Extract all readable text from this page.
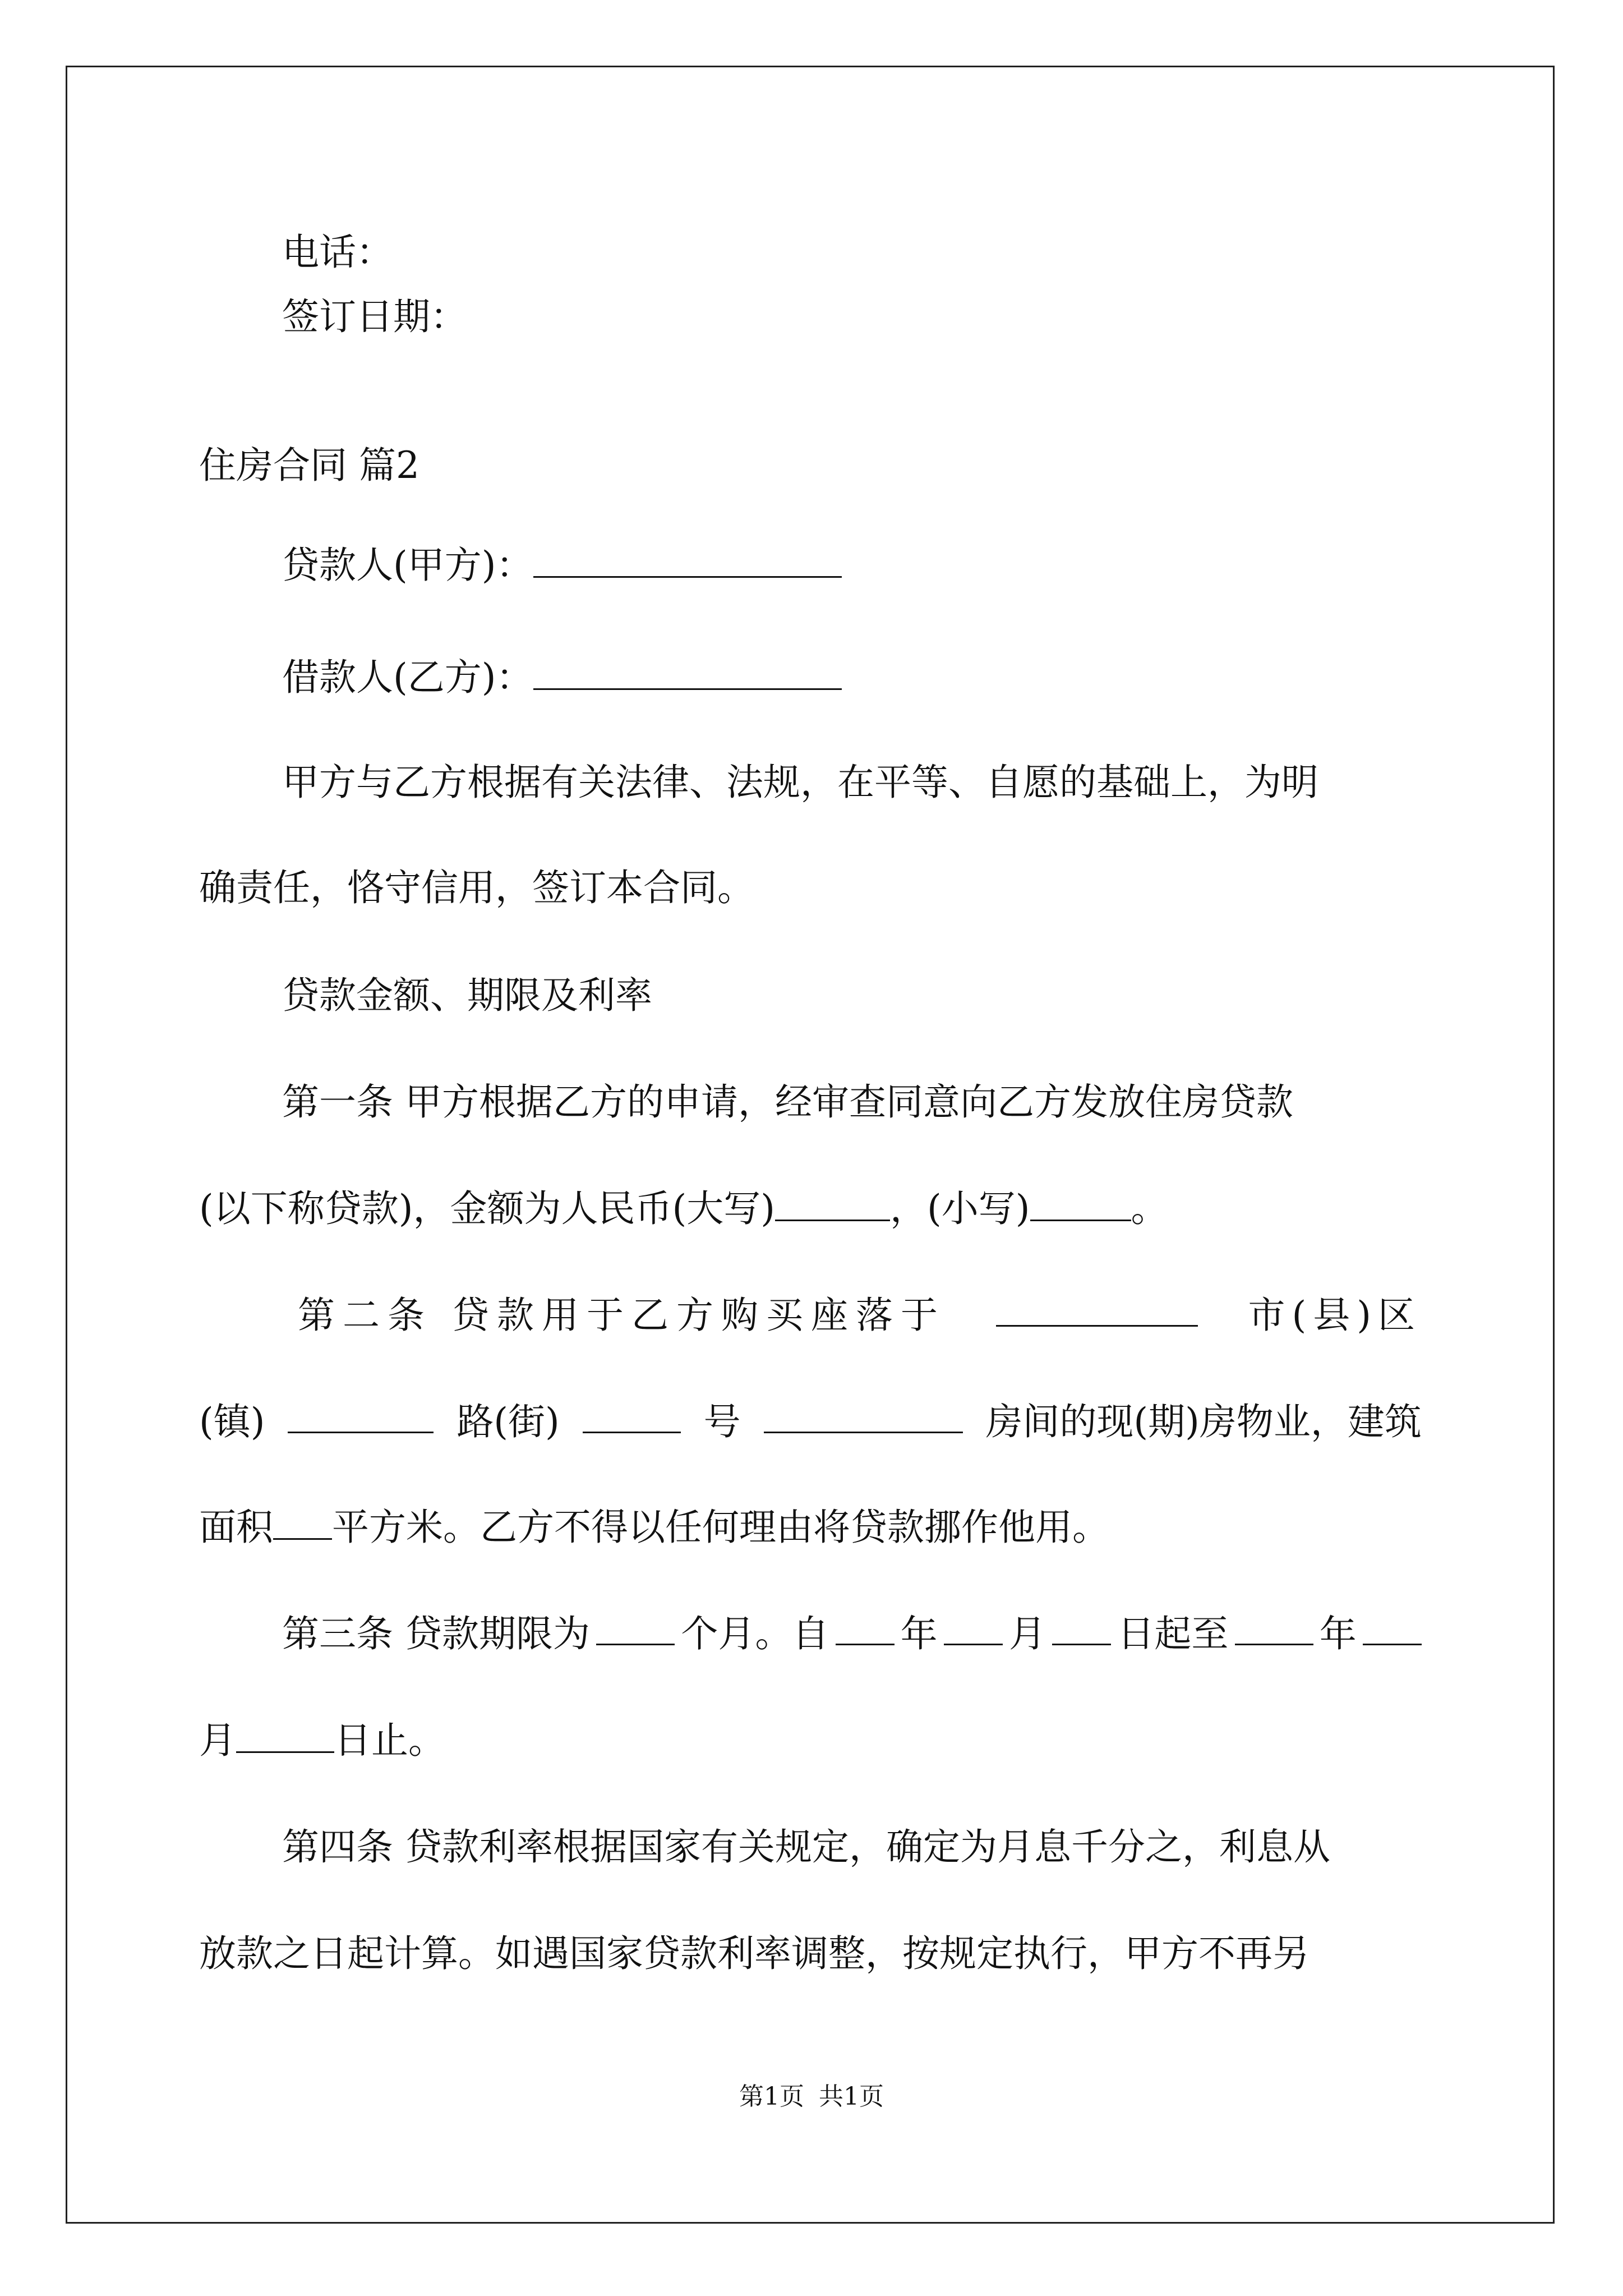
电话：
签订日期：
住房合同 篇2
贷款人(甲方)：
借款人(乙方)：
甲方与乙方根据有关法律、法规，在平等、自愿的基础上，为明
确责任，恪守信用，签订本合同。
贷款金额、期限及利率
第一条 甲方根据乙方的申请，经审查同意向乙方发放住房贷款
(以下称贷款)，金额为人民币(大写)	，(小写)	。
第二条 贷款用于乙方购买座落于	市(县)区
(镇)	路(街)	号	房间的现(期)房物业，建筑
面积 平方米。乙方不得以任何理由将贷款挪作他用。
第三条 贷款期限为 个月。自 年 月 日起至 年
月	日止。
第四条 贷款利率根据国家有关规定，确定为月息千分之，利息从
放款之日起计算。如遇国家贷款利率调整，按规定执行，甲方不再另
第1页 共1页
